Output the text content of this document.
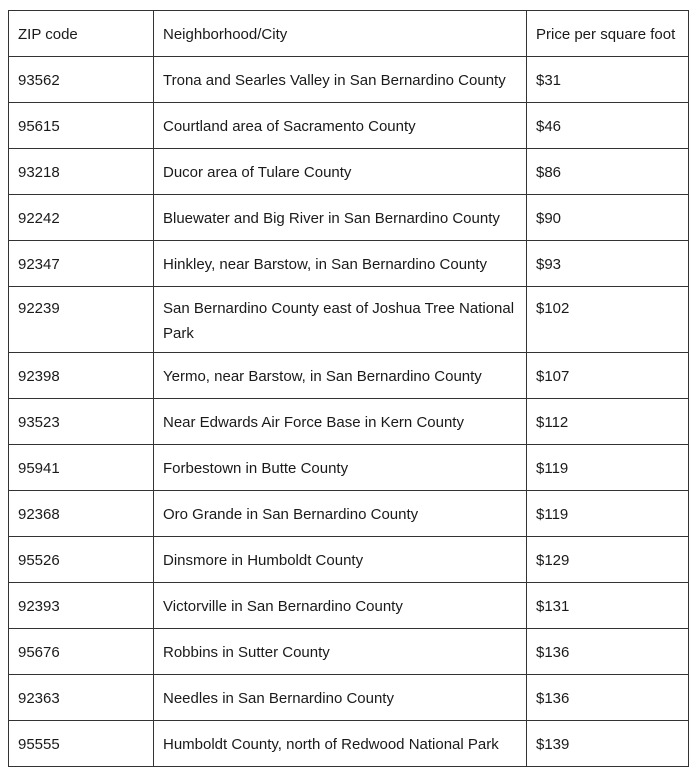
ZIP code	Neighborhood/City	Price per square foot
93562	Trona and Searles Valley in San Bernardino County	$31
95615	Courtland area of Sacramento County	$46
93218	Ducor area of Tulare County	$86
92242	Bluewater and Big River in San Bernardino County	$90
92347	Hinkley, near Barstow, in San Bernardino County	$93
92239	San Bernardino County east of Joshua Tree National Park	$102
92398	Yermo, near Barstow, in San Bernardino County	$107
93523	Near Edwards Air Force Base in Kern County	$112
95941	Forbestown in Butte County	$119
92368	Oro Grande in San Bernardino County	$119
95526	Dinsmore in Humboldt County	$129
92393	Victorville in San Bernardino County	$131
95676	Robbins in Sutter County	$136
92363	Needles in San Bernardino County	$136
95555	Humboldt County, north of Redwood National Park	$139
